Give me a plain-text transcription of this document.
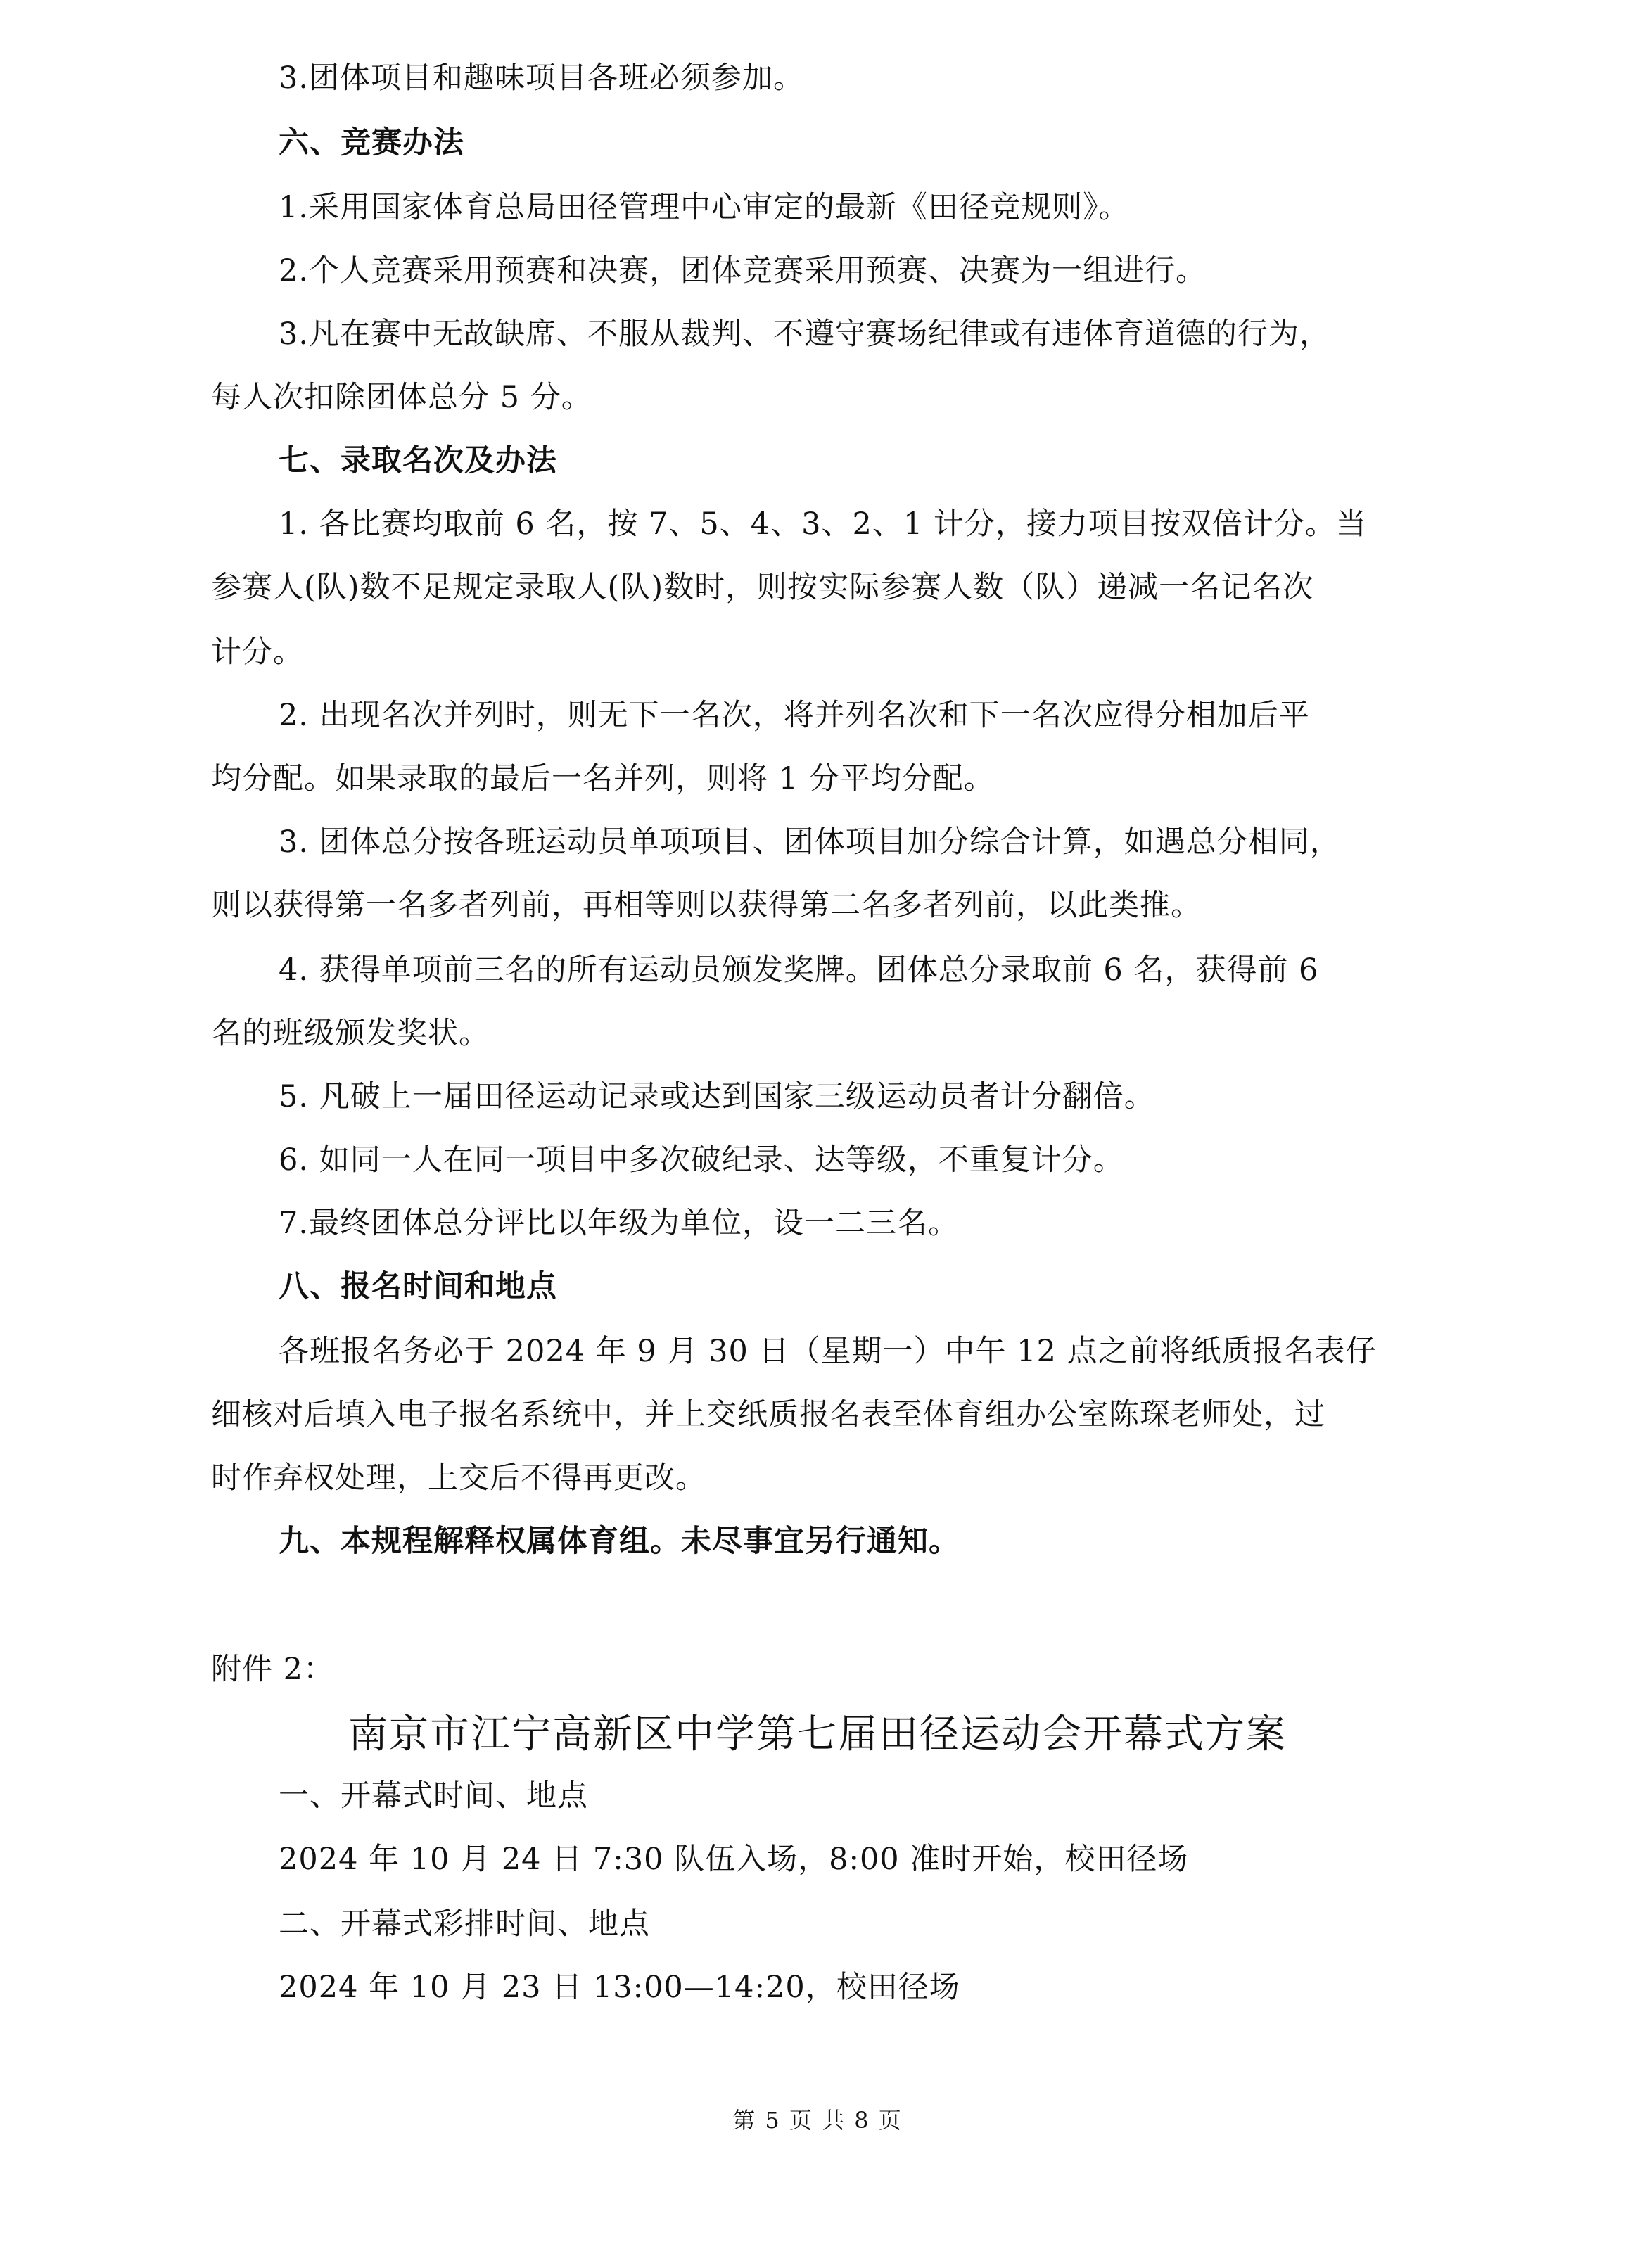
3.团体项目和趣味项目各班必须参加。
六、竞赛办法
1.采用国家体育总局田径管理中心审定的最新《田径竞规则》。
2.个人竞赛采用预赛和决赛，团体竞赛采用预赛、决赛为一组进行。
3.凡在赛中无故缺席、不服从裁判、不遵守赛场纪律或有违体育道德的行为，
每人次扣除团体总分 5 分。
七、录取名次及办法
1. 各比赛均取前 6 名，按 7、5、4、3、2、1 计分，接力项目按双倍计分。当
参赛人(队)数不足规定录取人(队)数时，则按实际参赛人数（队）递减一名记名次
计分。
2. 出现名次并列时，则无下一名次，将并列名次和下一名次应得分相加后平
均分配。如果录取的最后一名并列，则将 1 分平均分配。
3. 团体总分按各班运动员单项项目、团体项目加分综合计算，如遇总分相同，
则以获得第一名多者列前，再相等则以获得第二名多者列前，以此类推。
4. 获得单项前三名的所有运动员颁发奖牌。团体总分录取前 6 名，获得前 6
名的班级颁发奖状。
5. 凡破上一届田径运动记录或达到国家三级运动员者计分翻倍。
6. 如同一人在同一项目中多次破纪录、达等级，不重复计分。
7.最终团体总分评比以年级为单位，设一二三名。
八、报名时间和地点
各班报名务必于 2024 年 9 月 30 日（星期一）中午 12 点之前将纸质报名表仔
细核对后填入电子报名系统中，并上交纸质报名表至体育组办公室陈琛老师处，过
时作弃权处理，上交后不得再更改。
九、本规程解释权属体育组。未尽事宜另行通知。
附件 2：
南京市江宁高新区中学第七届田径运动会开幕式方案
一、开幕式时间、地点
2024 年 10 月 24 日 7:30 队伍入场，8:00 准时开始，校田径场
二、开幕式彩排时间、地点
2024 年 10 月 23 日 13:00—14:20，校田径场
第 5 页 共 8 页
